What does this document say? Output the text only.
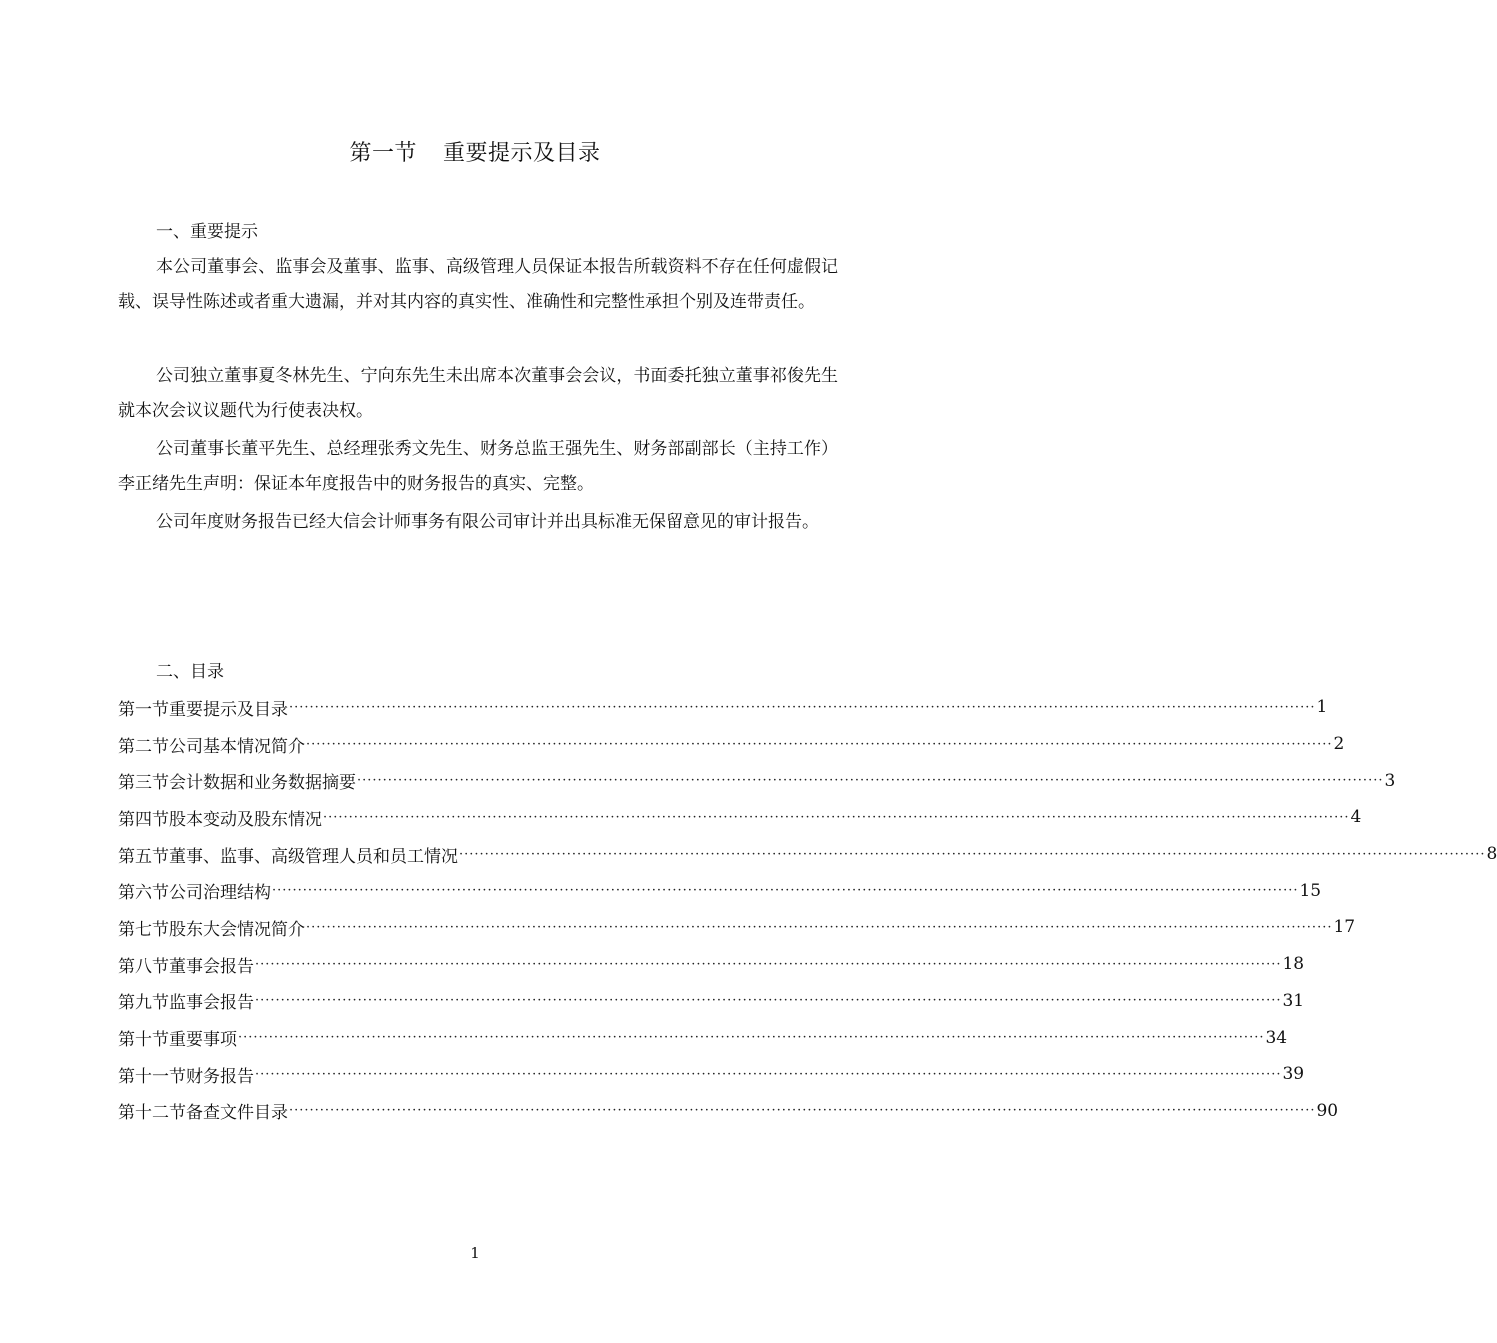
第一节 重要提示及目录
一、重要提示

本公司董事会、监事会及董事、监事、高级管理人员保证本报告所载资料不存在任何虚假记载、误导性陈述或者重大遗漏，并对其内容的真实性、准确性和完整性承担个别及连带责任。

公司独立董事夏冬林先生、宁向东先生未出席本次董事会会议，书面委托独立董事祁俊先生就本次会议议题代为行使表决权。

公司董事长董平先生、总经理张秀文先生、财务总监王强先生、财务部副部长（主持工作）李正绪先生声明：保证本年度报告中的财务报告的真实、完整。

公司年度财务报告已经大信会计师事务有限公司审计并出具标准无保留意见的审计报告。

二、目录
第一节 重要提示及目录 ········································································································································································································ 1
第二节 公司基本情况简介 ········································································································································································································ 2
第三节 会计数据和业务数据摘要 ········································································································································································································ 3
第四节 股本变动及股东情况 ········································································································································································································ 4
第五节 董事、监事、高级管理人员和员工情况 ········································································································································································································ 8
第六节 公司治理结构 ········································································································································································································ 15
第七节 股东大会情况简介 ········································································································································································································ 17
第八节 董事会报告 ········································································································································································································ 18
第九节 监事会报告 ········································································································································································································ 31
第十节 重要事项 ········································································································································································································ 34
第十一节 财务报告 ········································································································································································································ 39
第十二节 备查文件目录 ········································································································································································································ 90
1
